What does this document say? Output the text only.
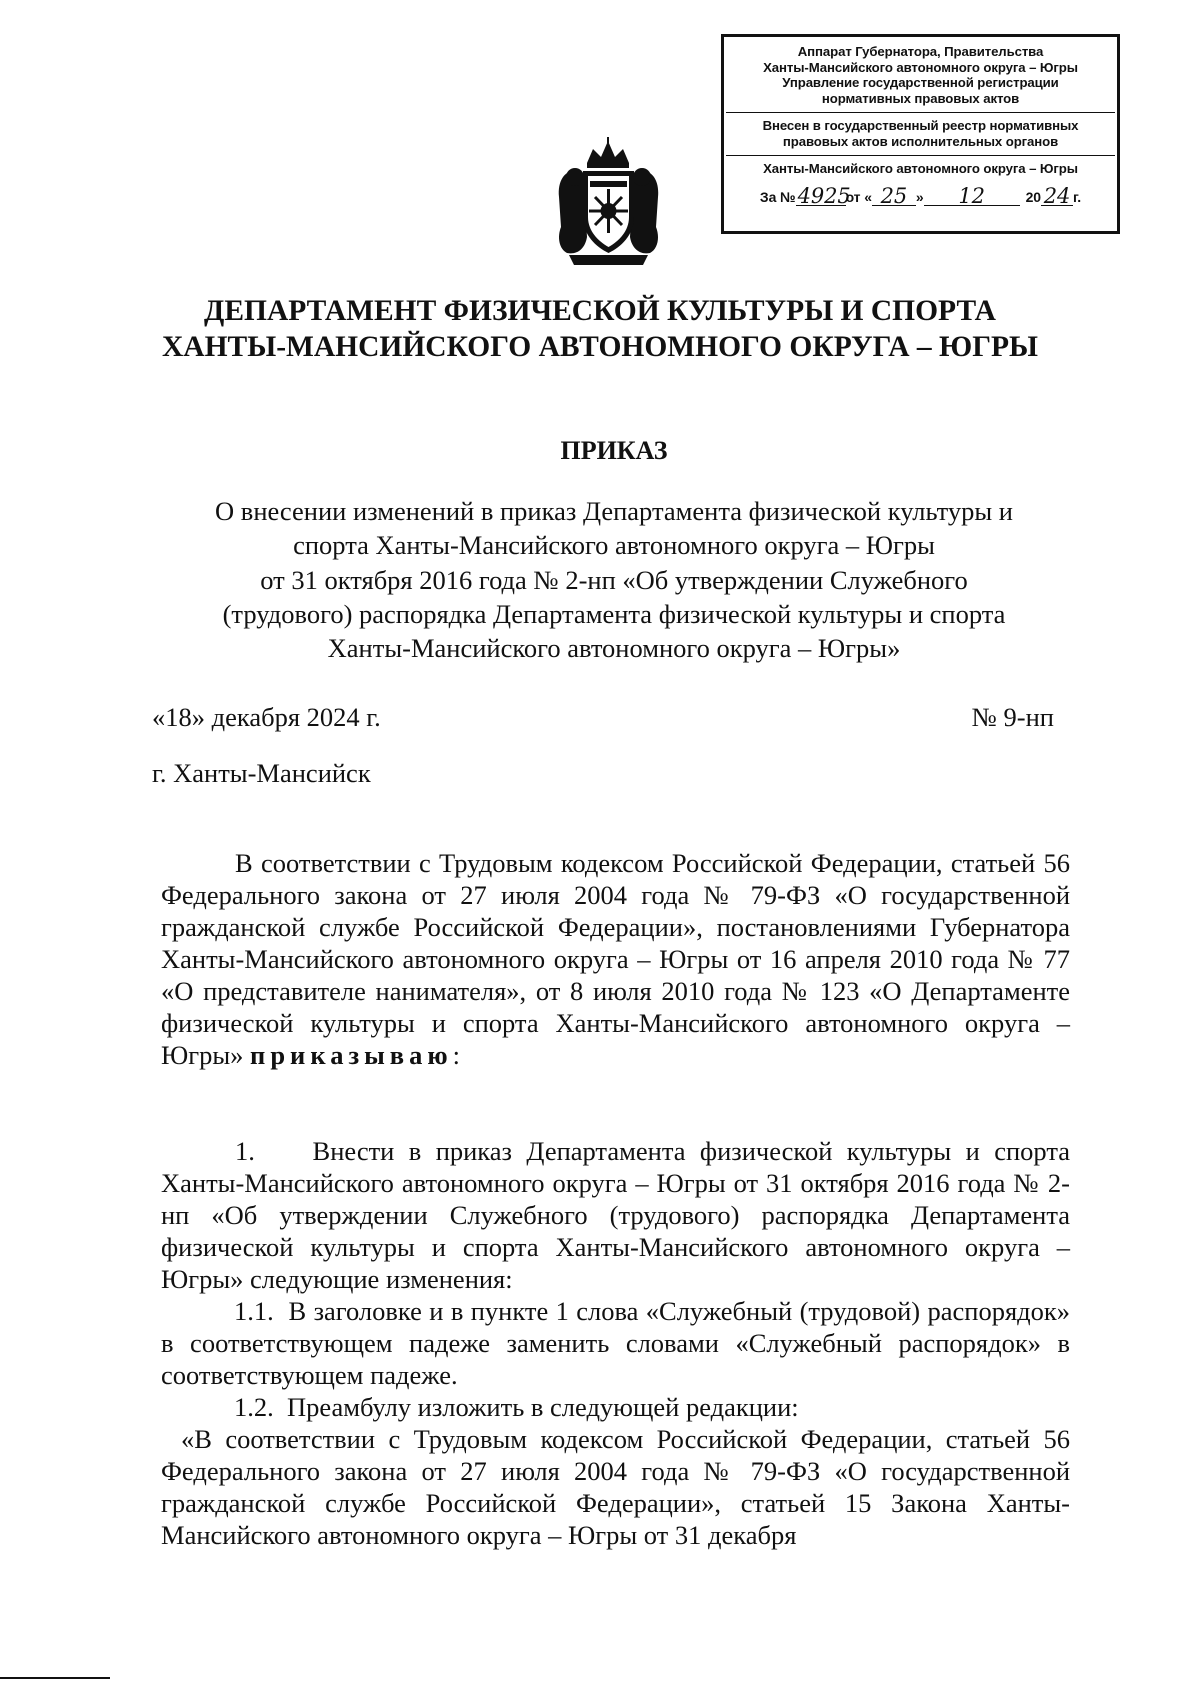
Аппарат Губернатора, Правительства
Ханты-Мансийского автономного округа – Югры
Управление государственной регистрации
нормативных правовых актов
Внесен в государственный реестр нормативных
правовых актов исполнительных органов
Ханты-Мансийского автономного округа – Югры
За № 4925
от « 25 »	12	20 24 г.
ДЕПАРТАМЕНТ ФИЗИЧЕСКОЙ КУЛЬТУРЫ И СПОРТА
ХАНТЫ-МАНСИЙСКОГО АВТОНОМНОГО ОКРУГА – ЮГРЫ
ПРИКАЗ
О внесении изменений в приказ Департамента физической культуры и
спорта Ханты-Мансийского автономного округа – Югры
от 31 октября 2016 года № 2-нп «Об утверждении Служебного
(трудового) распорядка Департамента физической культуры и спорта
Ханты-Мансийского автономного округа – Югры»
«18» декабря 2024 г.	№ 9-нп
г. Ханты-Мансийск

В соответствии с Трудовым кодексом Российской Федерации, статьей 56 Федерального закона от 27 июля 2004 года № 79-ФЗ «О государственной гражданской службе Российской Федерации», постановлениями Губернатора Ханты-Мансийского автономного округа – Югры от 16 апреля 2010 года № 77 «О представителе нанимателя», от 8 июля 2010 года № 123 «О Департаменте физической культуры и спорта Ханты-Мансийского автономного округа – Югры» приказываю:

1.    Внести в приказ Департамента физической культуры и спорта Ханты-Мансийского автономного округа – Югры от 31 октября 2016 года № 2-нп «Об утверждении Служебного (трудового) распорядка Департамента физической культуры и спорта Ханты-Мансийского автономного округа – Югры» следующие изменения:

1.1.  В заголовке и в пункте 1 слова «Служебный (трудовой) распорядок» в соответствующем падеже заменить словами «Служебный распорядок» в соответствующем падеже.

1.2.  Преамбулу изложить в следующей редакции:

«В соответствии с Трудовым кодексом Российской Федерации, статьей 56 Федерального закона от 27 июля 2004 года № 79-ФЗ «О государственной гражданской службе Российской Федерации», статьей 15 Закона Ханты-Мансийского автономного округа – Югры от 31 декабря
